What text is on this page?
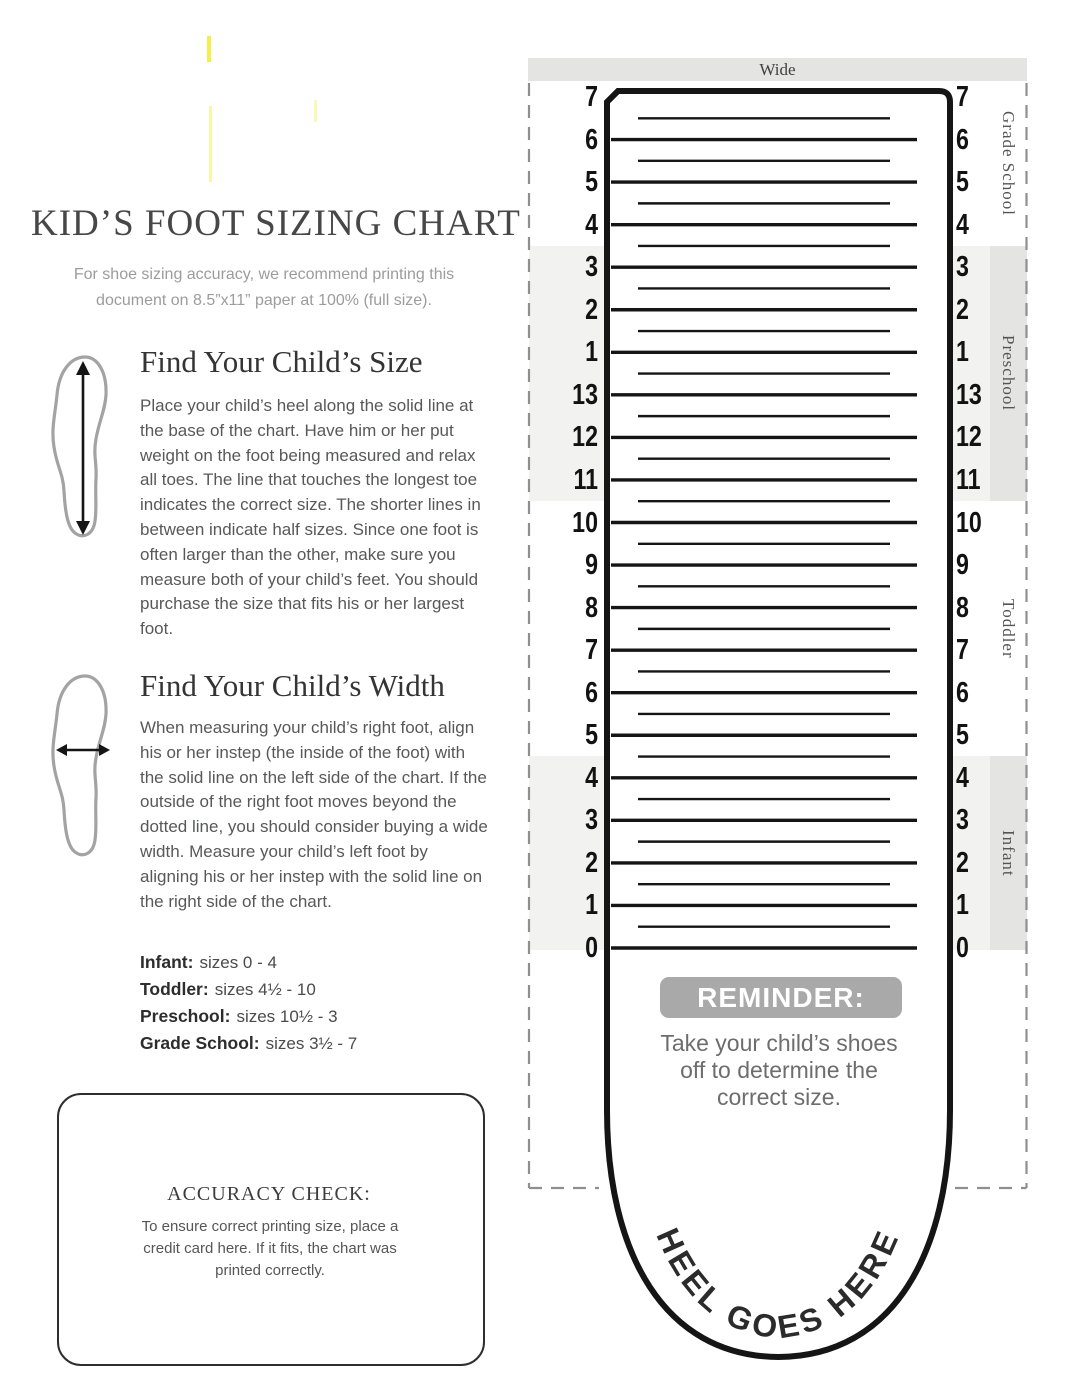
KID’S FOOT SIZING CHART
For shoe sizing accuracy, we recommend printing this document on 8.5”x11” paper at 100% (full size).
Find Your Child’s Size
Place your child’s heel along the solid line at the base of the chart. Have him or her put weight on the foot being measured and relax all toes. The line that touches the longest toe indicates the correct size. The shorter lines in between indicate half sizes. Since one foot is often larger than the other, make sure you measure both of your child’s feet. You should purchase the size that fits his or her largest foot.
Find Your Child’s Width
When measuring your child’s right foot, align his or her instep (the inside of the foot) with the solid line on the left side of the chart. If the outside of the right foot moves beyond the dotted line, you should consider buying a wide width. Measure your child’s left foot by aligning his or her instep with the solid line on the right side of the chart.
Infant: sizes 0 - 4
Toddler: sizes 4½ - 10
Preschool: sizes 10½ - 3
Grade School: sizes 3½ - 7
ACCURACY CHECK:
To ensure correct printing size, place a credit card here. If it fits, the chart was printed correctly.
Grade School
Preschool
Toddler
Infant
7	7
6	6
5	5
4	4
3	3
2	2
1	1
13	13
12	12
11	11
10	10
9	9
8	8
7	7
6	6
5	5
4	4
3	3
2	2
1	1
0	0
Wide
HEEL GOES HERE
REMINDER:
Take your child’s shoes off to determine the correct size.
